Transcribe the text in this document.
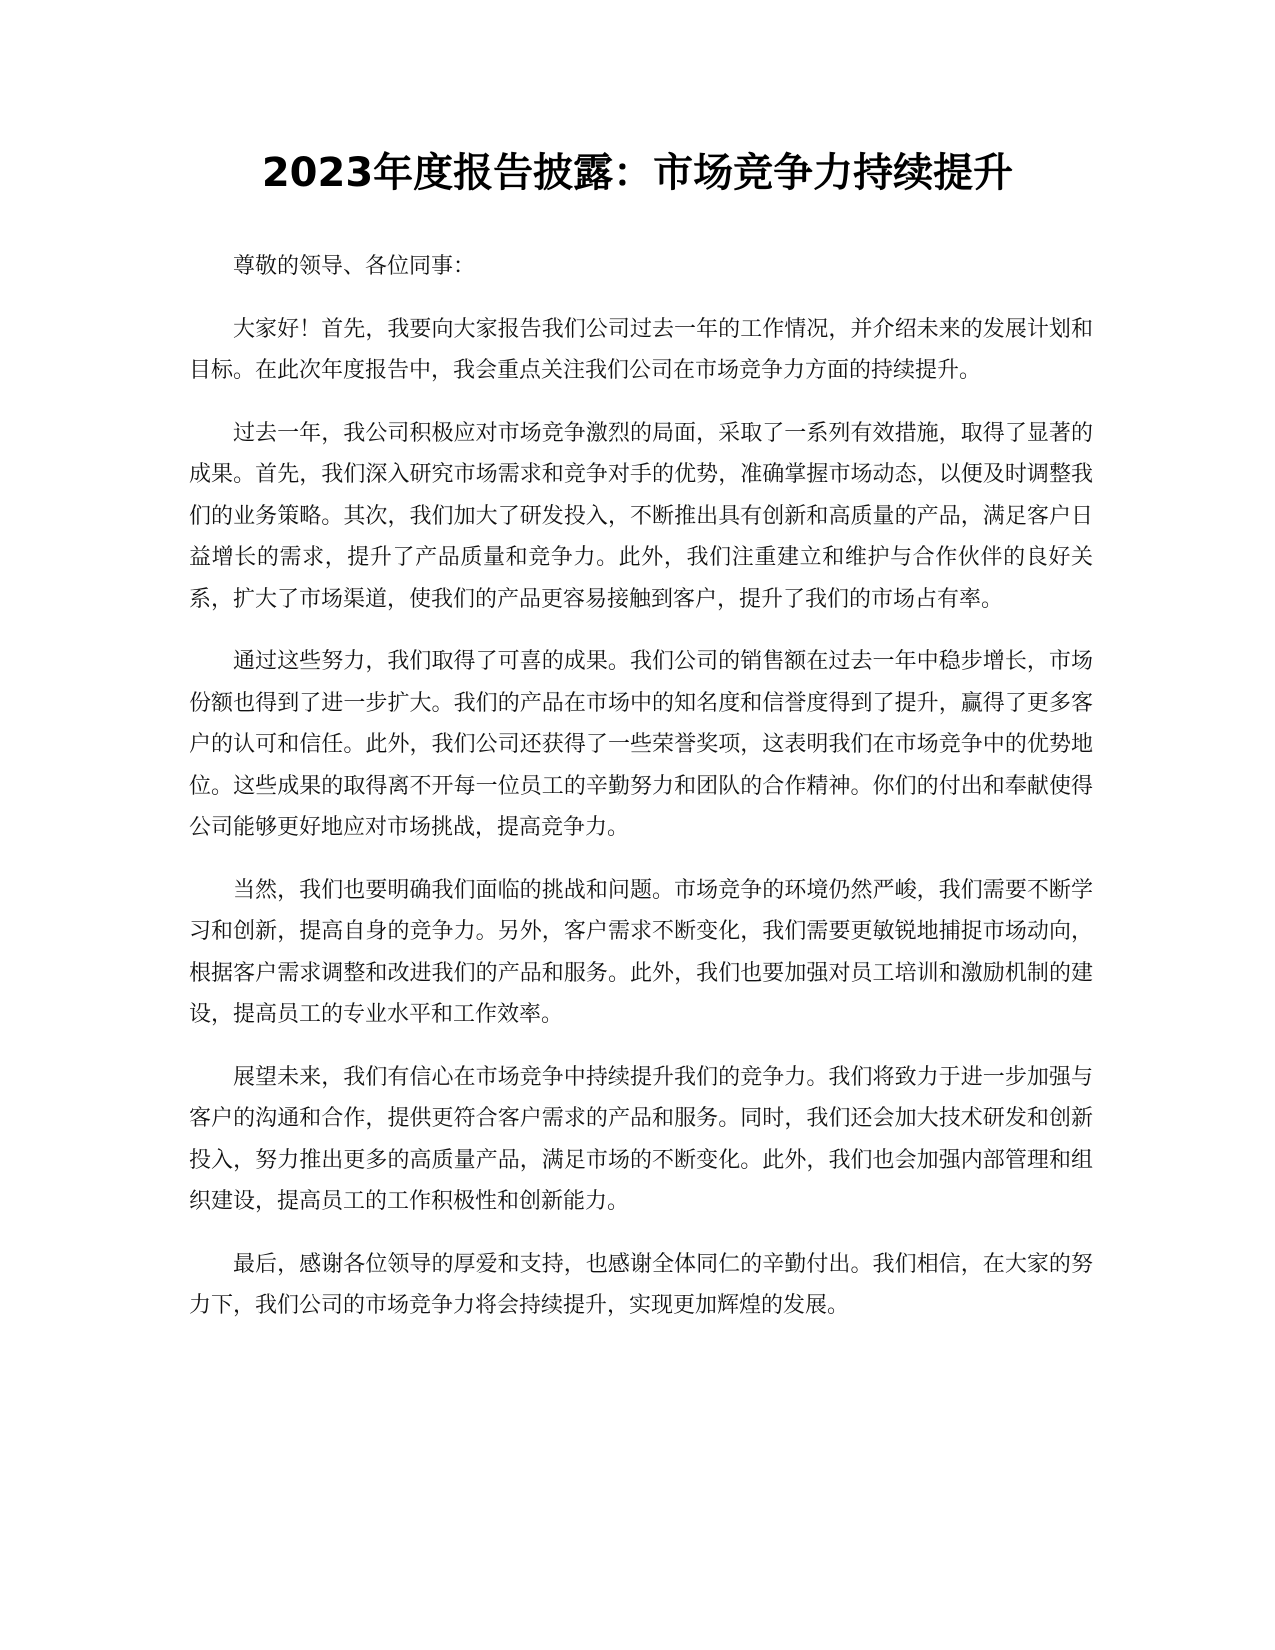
2023年度报告披露：市场竞争力持续提升

尊敬的领导、各位同事：

大家好！首先，我要向大家报告我们公司过去一年的工作情况，并介绍未来的发展计划和目标。在此次年度报告中，我会重点关注我们公司在市场竞争力方面的持续提升。

过去一年，我公司积极应对市场竞争激烈的局面，采取了一系列有效措施，取得了显著的成果。首先，我们深入研究市场需求和竞争对手的优势，准确掌握市场动态，以便及时调整我们的业务策略。其次，我们加大了研发投入，不断推出具有创新和高质量的产品，满足客户日益增长的需求，提升了产品质量和竞争力。此外，我们注重建立和维护与合作伙伴的良好关系，扩大了市场渠道，使我们的产品更容易接触到客户，提升了我们的市场占有率。

通过这些努力，我们取得了可喜的成果。我们公司的销售额在过去一年中稳步增长，市场份额也得到了进一步扩大。我们的产品在市场中的知名度和信誉度得到了提升，赢得了更多客户的认可和信任。此外，我们公司还获得了一些荣誉奖项，这表明我们在市场竞争中的优势地位。这些成果的取得离不开每一位员工的辛勤努力和团队的合作精神。你们的付出和奉献使得公司能够更好地应对市场挑战，提高竞争力。

当然，我们也要明确我们面临的挑战和问题。市场竞争的环境仍然严峻，我们需要不断学习和创新，提高自身的竞争力。另外，客户需求不断变化，我们需要更敏锐地捕捉市场动向，根据客户需求调整和改进我们的产品和服务。此外，我们也要加强对员工培训和激励机制的建设，提高员工的专业水平和工作效率。

展望未来，我们有信心在市场竞争中持续提升我们的竞争力。我们将致力于进一步加强与客户的沟通和合作，提供更符合客户需求的产品和服务。同时，我们还会加大技术研发和创新投入，努力推出更多的高质量产品，满足市场的不断变化。此外，我们也会加强内部管理和组织建设，提高员工的工作积极性和创新能力。

最后，感谢各位领导的厚爱和支持，也感谢全体同仁的辛勤付出。我们相信，在大家的努力下，我们公司的市场竞争力将会持续提升，实现更加辉煌的发展。
